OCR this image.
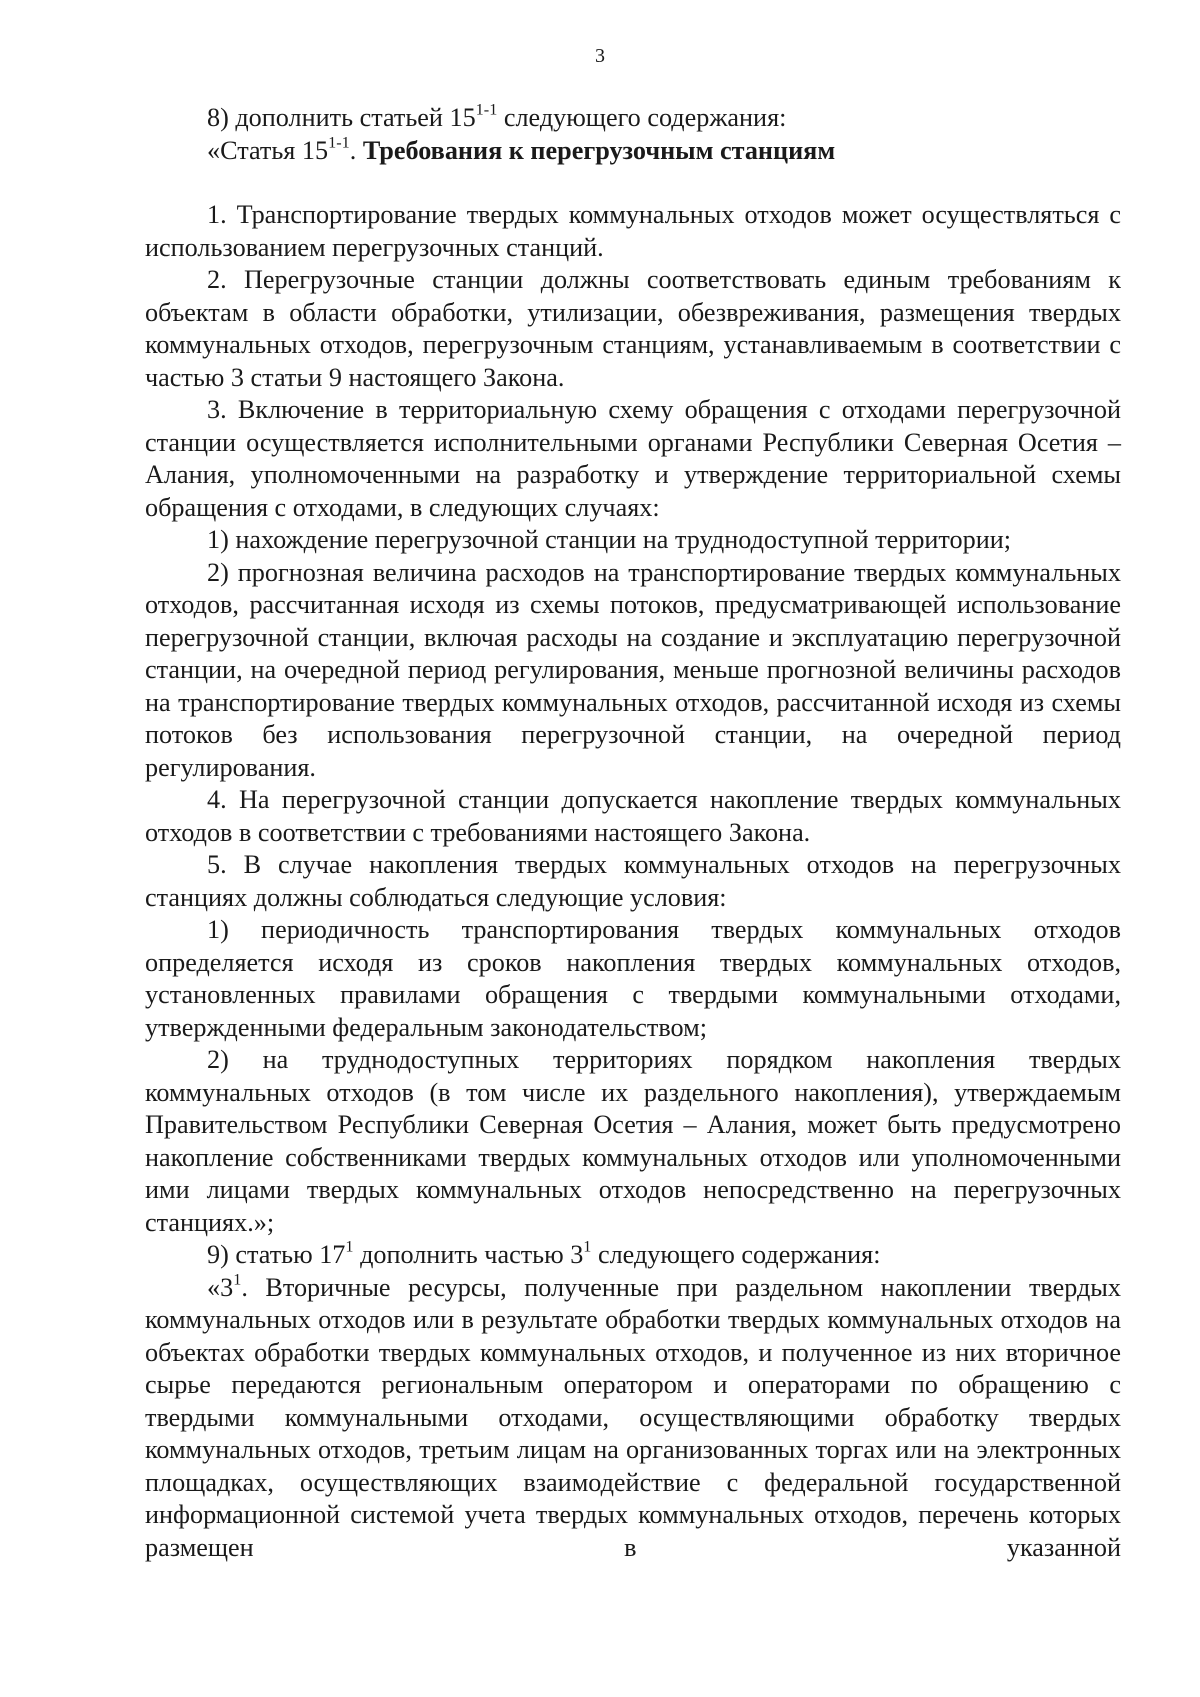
3

8) дополнить статьей 15$^{1-1}$ следующего содержания:

«Статья 15$^{1-1}$. Требования к перегрузочным станциям

1. Транспортирование твердых коммунальных отходов может осуществляться с использованием перегрузочных станций.

2. Перегрузочные станции должны соответствовать единым требованиям к объектам в области обработки, утилизации, обезвреживания, размещения твердых коммунальных отходов, перегрузочным станциям, устанавливаемым в соответствии с частью 3 статьи 9 настоящего Закона.

3. Включение в территориальную схему обращения с отходами перегрузочной станции осуществляется исполнительными органами Республики Северная Осетия – Алания, уполномоченными на разработку и утверждение территориальной схемы обращения с отходами, в следующих случаях:

1) нахождение перегрузочной станции на труднодоступной территории;

2) прогнозная величина расходов на транспортирование твердых коммунальных отходов, рассчитанная исходя из схемы потоков, предусматривающей использование перегрузочной станции, включая расходы на создание и эксплуатацию перегрузочной станции, на очередной период регулирования, меньше прогнозной величины расходов на транспортирование твердых коммунальных отходов, рассчитанной исходя из схемы потоков без использования перегрузочной станции, на очередной период регулирования.

4. На перегрузочной станции допускается накопление твердых коммунальных отходов в соответствии с требованиями настоящего Закона.

5. В случае накопления твердых коммунальных отходов на перегрузочных станциях должны соблюдаться следующие условия:

1) периодичность транспортирования твердых коммунальных отходов определяется исходя из сроков накопления твердых коммунальных отходов, установленных правилами обращения с твердыми коммунальными отходами, утвержденными федеральным законодательством;

2) на труднодоступных территориях порядком накопления твердых коммунальных отходов (в том числе их раздельного накопления), утверждаемым Правительством Республики Северная Осетия – Алания, может быть предусмотрено накопление собственниками твердых коммунальных отходов или уполномоченными ими лицами твердых коммунальных отходов непосредственно на перегрузочных станциях.»;

9) статью $17^1$ дополнить частью $3^1$ следующего содержания:

«$3^1$. Вторичные ресурсы, полученные при раздельном накоплении твердых коммунальных отходов или в результате обработки твердых коммунальных отходов на объектах обработки твердых коммунальных отходов, и полученное из них вторичное сырье передаются региональным оператором и операторами по обращению с твердыми коммунальными отходами, осуществляющими обработку твердых коммунальных отходов, третьим лицам на организованных торгах или на электронных площадках, осуществляющих взаимодействие с федеральной государственной информационной системой учета твердых коммунальных отходов, перечень которых размещен в указанной
